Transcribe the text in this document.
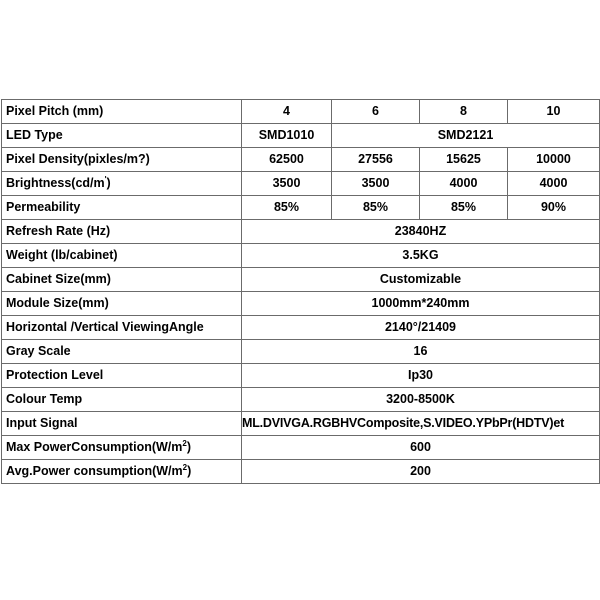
Pixel Pitch (mm)	4	6	8	10
LED Type	SMD1010	SMD2121		
Pixel Density(pixles/m?)	62500	27556	15625	10000
Brightness(cd/m')	3500	3500	4000	4000
Permeability	85%	85%	85%	90%
Refresh Rate (Hz)	23840HZ			
Weight (lb/cabinet)	3.5KG			
Cabinet Size(mm)	Customizable			
Module Size(mm)	1000mm*240mm			
Horizontal /Vertical ViewingAngle	2140°/21409			
Gray Scale	16			
Protection Level	Ip30			
Colour Temp	3200-8500K			
Input Signal	ML.DVIVGA.RGBHVComposite,S.VIDEO.YPbPr(HDTV)et			
Max $PowerConsumption(W/m^2)$	600			
Avg.Power $consumption(W/m^2)$	200			
